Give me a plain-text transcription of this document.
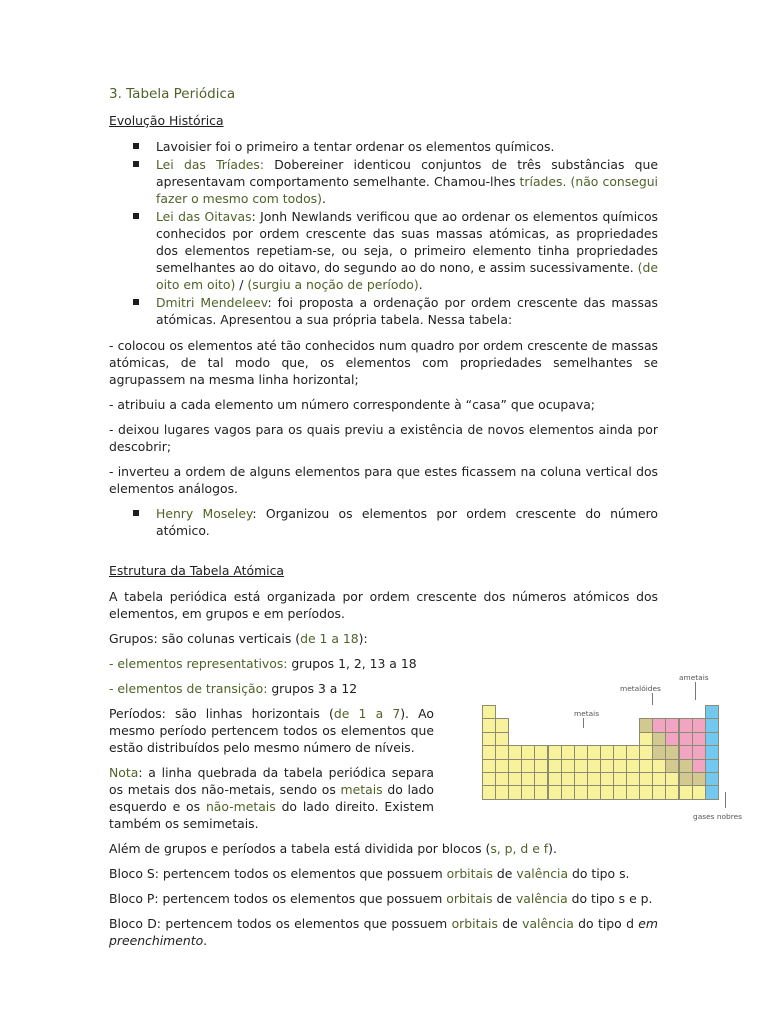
3. Tabela Periódica
Evolução Histórica
Lavoisier foi o primeiro a tentar ordenar os elementos químicos.
Lei das Tríades: Dobereiner identicou conjuntos de três substâncias que apresentavam comportamento semelhante. Chamou-lhes tríades. (não consegui fazer o mesmo com todos).
Lei das Oitavas: Jonh Newlands verificou que ao ordenar os elementos químicos conhecidos por ordem crescente das suas massas atómicas, as propriedades dos elementos repetiam-se, ou seja, o primeiro elemento tinha propriedades semelhantes ao do oitavo, do segundo ao do nono, e assim sucessivamente. (de oito em oito) / (surgiu a noção de período).
Dmitri Mendeleev: foi proposta a ordenação por ordem crescente das massas atómicas. Apresentou a sua própria tabela. Nessa tabela:

- colocou os elementos até tão conhecidos num quadro por ordem crescente de massas atómicas, de tal modo que, os elementos com propriedades semelhantes se agrupassem na mesma linha horizontal;

- atribuiu a cada elemento um número correspondente à “casa” que ocupava;

- deixou lugares vagos para os quais previu a existência de novos elementos ainda por descobrir;

- inverteu a ordem de alguns elementos para que estes ficassem na coluna vertical dos elementos análogos.

Henry Moseley: Organizou os elementos por ordem crescente do número atómico.
Estrutura da Tabela Atómica

A tabela periódica está organizada por ordem crescente dos números atómicos dos elementos, em grupos e em períodos.

Grupos: são colunas verticais (de 1 a 18):

- elementos representativos: grupos 1, 2, 13 a 18

- elementos de transição: grupos 3 a 12

Períodos: são linhas horizontais (de 1 a 7). Ao mesmo período pertencem todos os elementos que estão distribuídos pelo mesmo número de níveis.

Nota: a linha quebrada da tabela periódica separa os metais dos não-metais, sendo os metais do lado esquerdo e os não-metais do lado direito. Existem também os semimetais.

Além de grupos e períodos a tabela está dividida por blocos (s, p, d e f).

Bloco S: pertencem todos os elementos que possuem orbitais de valência do tipo s.

Bloco P: pertencem todos os elementos que possuem orbitais de valência do tipo s e p.

Bloco D: pertencem todos os elementos que possuem orbitais de valência do tipo d em preenchimento.

ametais
metalóides
metais
gases nobres
